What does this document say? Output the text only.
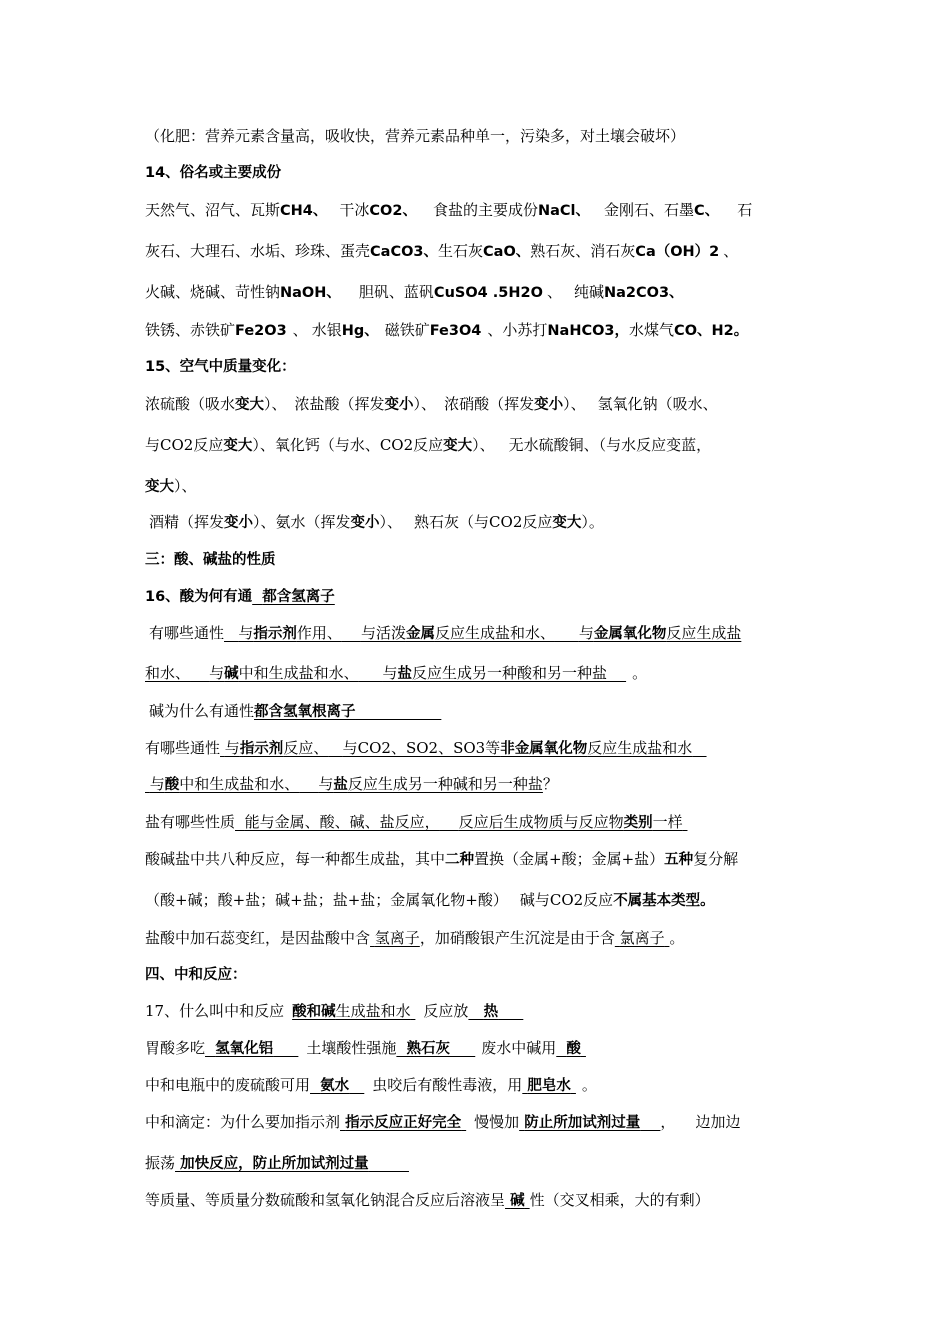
（化肥：营养元素含量高，吸收快，营养元素品种单一，污染多，对土壤会破坏）
14、俗名或主要成份
天然气、沼气、瓦斯CH4、 干冰CO2、 食盐的主要成份NaCl、 金刚石、石墨C、 石
灰石、大理石、水垢、珍珠、蛋壳CaCO3、生石灰CaO、熟石灰、消石灰Ca（OH）2 、
火碱、烧碱、苛性钠NaOH、 胆矾、蓝矾CuSO4 .5H2O 、 纯碱Na2CO3、
铁锈、赤铁矿Fe2O3 、 水银Hg、 磁铁矿Fe3O4 、小苏打NaHCO3，水煤气CO、H2。
15、空气中质量变化：
浓硫酸（吸水变大）、 浓盐酸（挥发变小）、 浓硝酸（挥发变小）、 氢氧化钠（吸水、
与CO2反应变大）、氧化钙（与水、CO2反应变大）、 无水硫酸铜、（与水反应变蓝，
变大）、
酒精（挥发变小）、氨水（挥发变小）、 熟石灰（与CO2反应变大）。
三：酸、碱盐的性质
16、酸为何有通 都含氢离子
有哪些通性 与指示剂作用、 与活泼金属反应生成盐和水、 与金属氧化物反应生成盐
和水、 与碱中和生成盐和水、 与盐反应生成另一种酸和另一种盐 。
碱为什么有通性都含氢氧根离子
有哪些通性 与指示剂反应、 与CO2、SO2、SO3等非金属氧化物反应生成盐和水
与酸中和生成盐和水、 与盐反应生成另一种碱和另一种盐？
盐有哪些性质 能与金属、酸、碱、盐反应， 反应后生成物质与反应物类别一样
酸碱盐中共八种反应，每一种都生成盐，其中二种置换（金属+酸；金属+盐）五种复分解
（酸+碱；酸+盐；碱+盐；盐+盐；金属氧化物+酸） 碱与CO2反应不属基本类型。
盐酸中加石蕊变红，是因盐酸中含 氢离子，加硝酸银产生沉淀是由于含 氯离子 。
四、中和反应：
17、什么叫中和反应 酸和碱生成盐和水 反应放 热
胃酸多吃 氢氧化铝 土壤酸性强施 熟石灰 废水中碱用 酸
中和电瓶中的废硫酸可用 氨水 虫咬后有酸性毒液，用 肥皂水 。
中和滴定：为什么要加指示剂 指示反应正好完全 慢慢加 防止所加试剂过量 ， 边加边
振荡 加快反应，防止所加试剂过量
等质量、等质量分数硫酸和氢氧化钠混合反应后溶液呈 碱 性（交叉相乘，大的有剩）
